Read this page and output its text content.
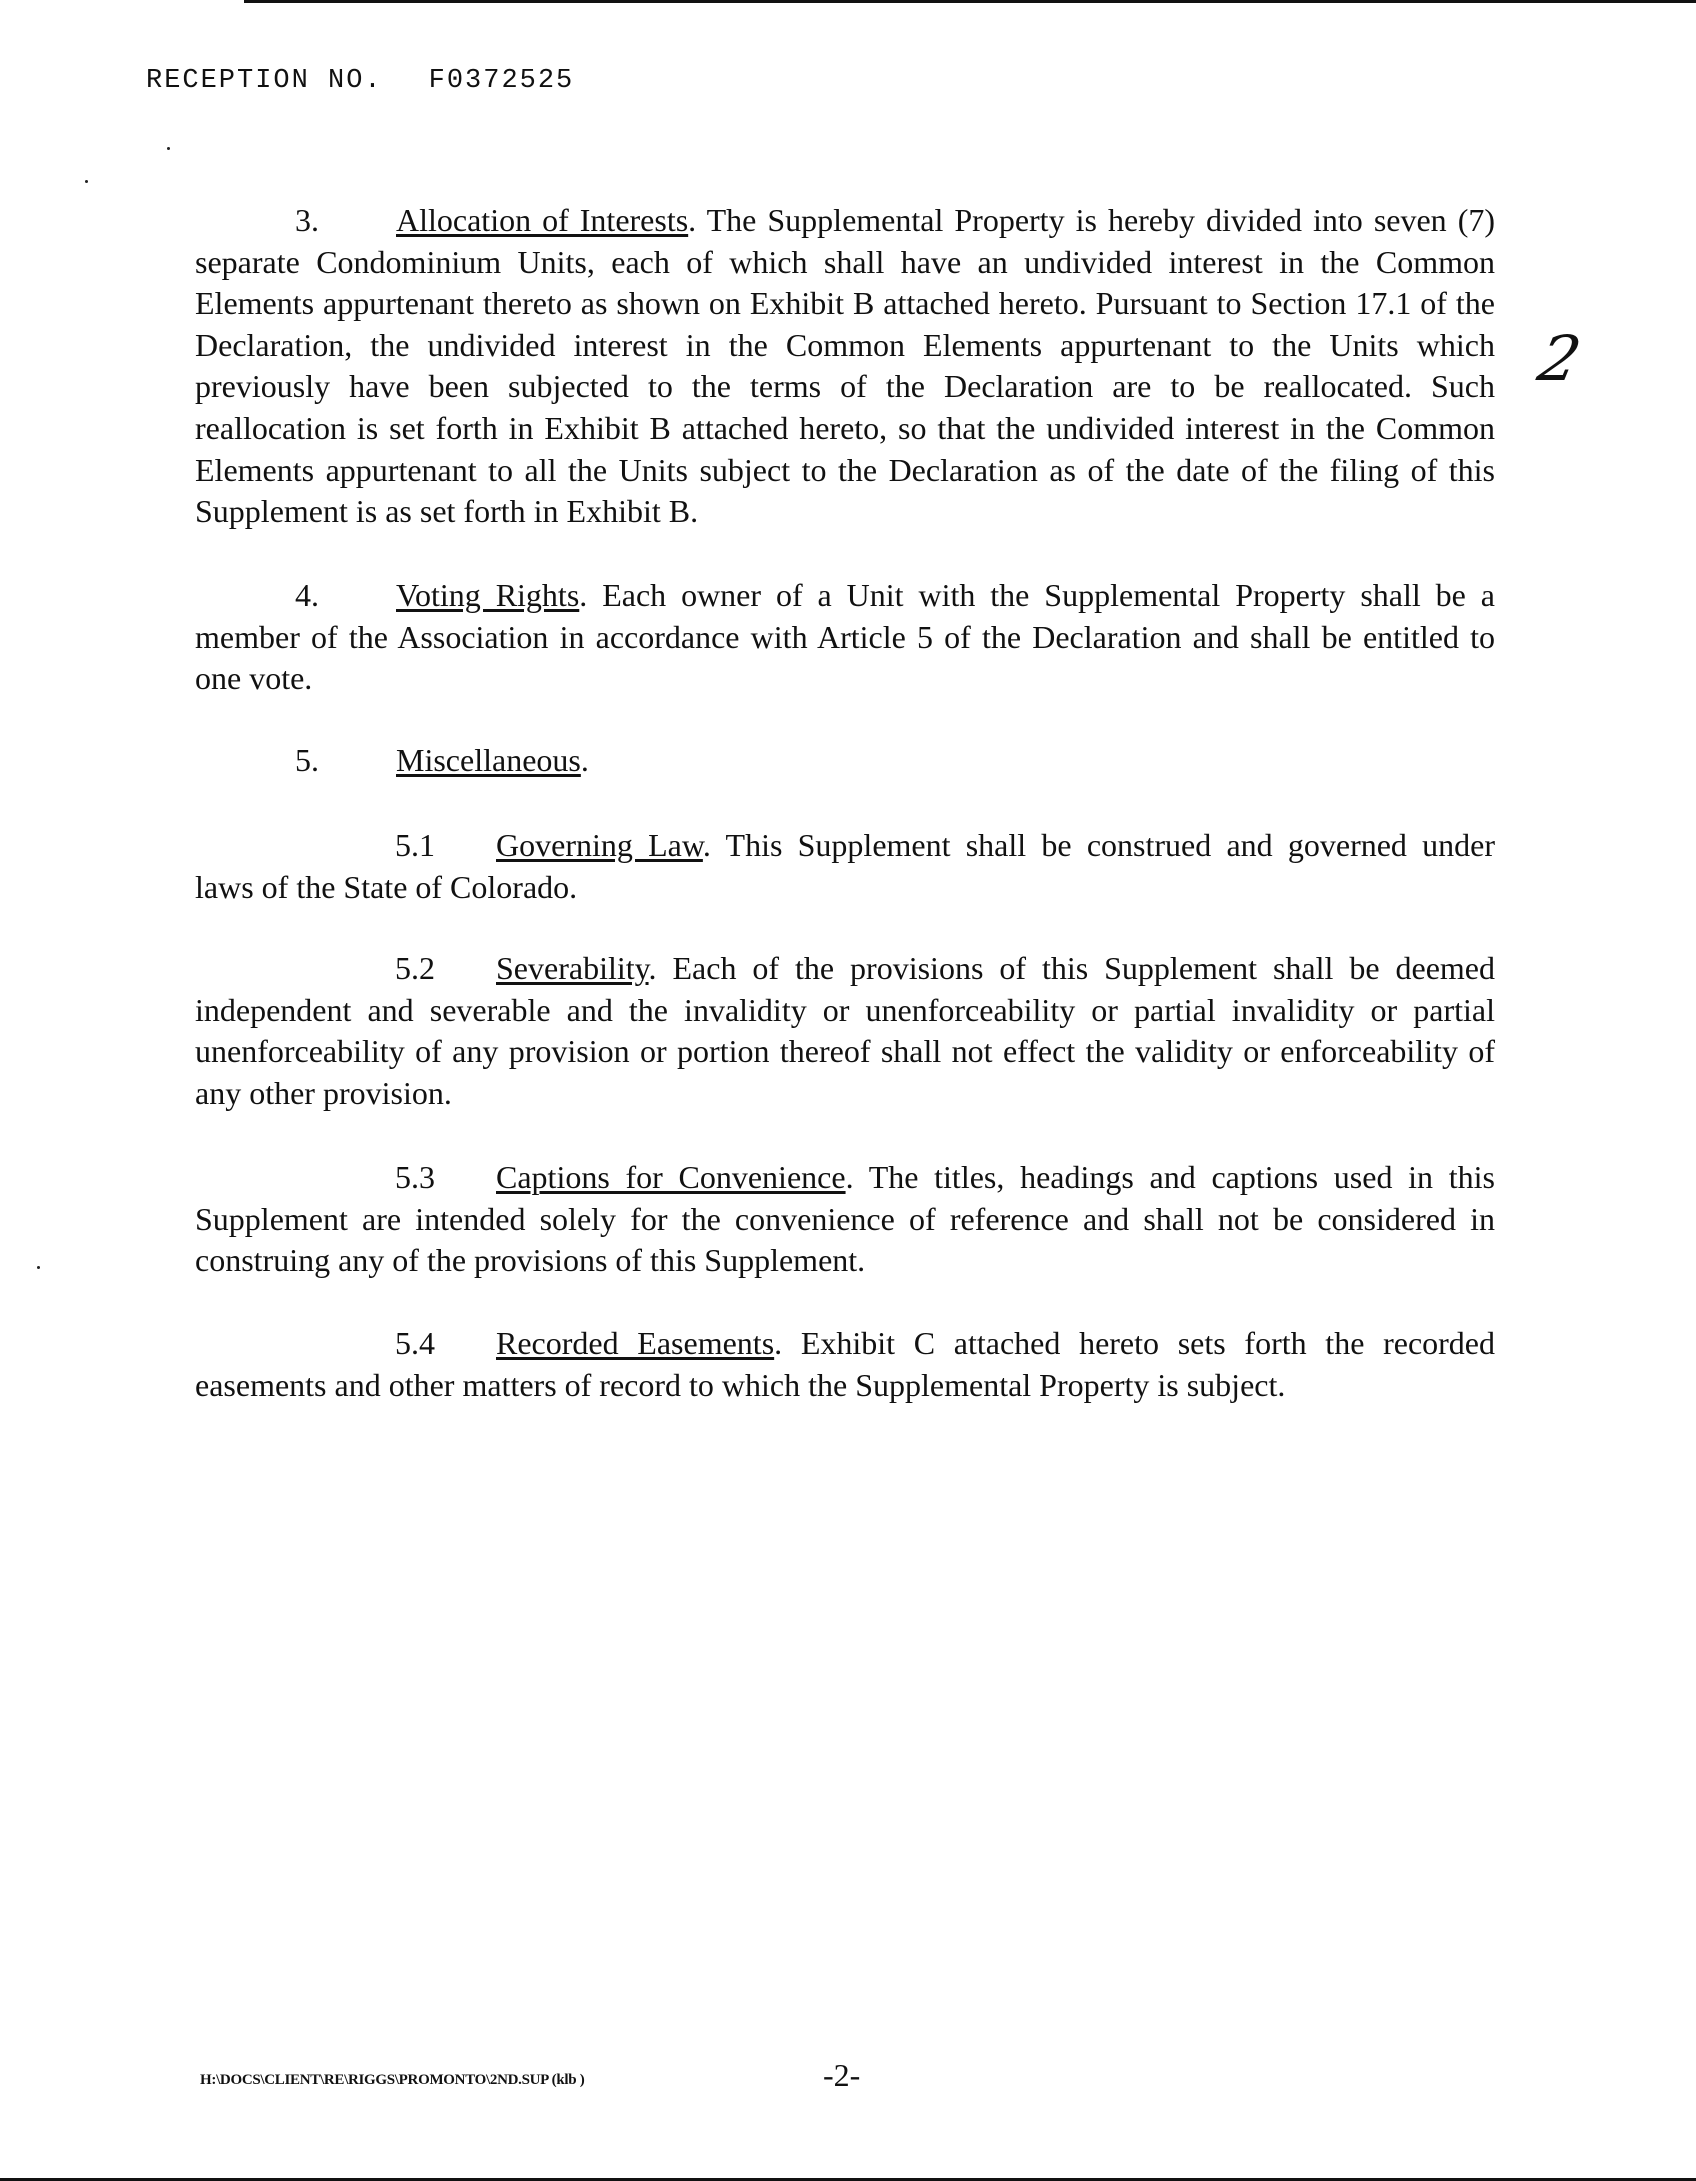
RECEPTION NO. F0372525
2

3. Allocation of Interests. The Supplemental Property is hereby divided into seven (7) separate Condominium Units, each of which shall have an undivided interest in the Common Elements appurtenant thereto as shown on Exhibit B attached hereto. Pursuant to Section 17.1 of the Declaration, the undivided interest in the Common Elements appurtenant to the Units which previously have been subjected to the terms of the Declaration are to be reallocated. Such reallocation is set forth in Exhibit B attached hereto, so that the undivided interest in the Common Elements appurtenant to all the Units subject to the Declaration as of the date of the filing of this Supplement is as set forth in Exhibit B.

4. Voting Rights. Each owner of a Unit with the Supplemental Property shall be a member of the Association in accordance with Article 5 of the Declaration and shall be entitled to one vote.

5. Miscellaneous.

5.1 Governing Law. This Supplement shall be construed and governed under laws of the State of Colorado.

5.2 Severability. Each of the provisions of this Supplement shall be deemed independent and severable and the invalidity or unenforceability or partial invalidity or partial unenforceability of any provision or portion thereof shall not effect the validity or enforceability of any other provision.

5.3 Captions for Convenience. The titles, headings and captions used in this Supplement are intended solely for the convenience of reference and shall not be considered in construing any of the provisions of this Supplement.

5.4 Recorded Easements. Exhibit C attached hereto sets forth the recorded easements and other matters of record to which the Supplemental Property is subject.

H:\DOCS\CLIENT\RE\RIGGS\PROMONTO\2ND.SUP (klb )	-2-
